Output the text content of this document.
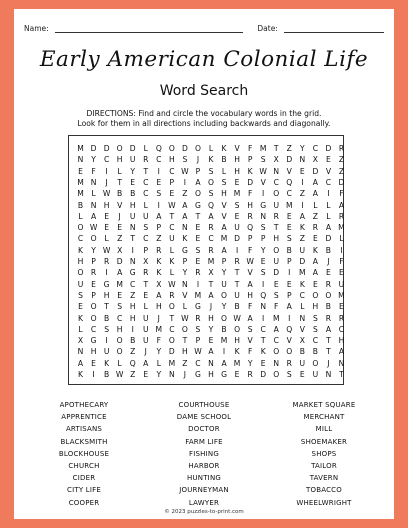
Name:	Date:
Early American Colonial Life
Word Search
DIRECTIONS: Find and circle the vocabulary words in the grid.
Look for them in all directions including backwards and diagonally.
M D D O D	L	Q O D O	L	K	V	F M T	Z	Y	C D R
N	Y	C H U	R	C H	S	J	K	B H	P	S	X D N	X	E	Z
E	F	I	L	Y	T	I	C W P	S	L	H	K W N	V	E	D V	Z
M N	J	T	E	C	E	P	I	A O	S	E	D V	C Q	I	A	C D
M	L W B	B	C	S	E	Z O	S	H M F	I	O C	Z	A	I	F
B N H V H	L	I	W A G Q V	S	H G U M	I	L	L	A
L	A	E	J	U U	A	T	A	T	A	V	E	R N R	E	A	Z	L	R
O W E	E	N	S	P	C N	E	R	A	U Q	S	T	E	K	R	A M
C O	L	Z	T	C	Z	U	K	E	C M D	P	P	H	S	Z	E	D	L
K	Y W X	I	P	R	L	G	S	R	A	I	F	Y	O B	U	K	B	I
H	P	R D N	X	K	K	P	E M P	R W E	U	P	D A	J	F
O R	I	A G R	K	L	Y	R	X	Y	T	V	S	D	I	M A	E	E
U	E	G M C	T	X W N	I	T	U	T	A	I	E	E	K	E	R	U
S	P	H	E	Z	E	A	R	V M A O U H Q	S	P	C O O M
E	O	T	S	H	L	H O	L	G	J	Y	B	F	N	F	A	L	H B	E
K O B	C H U	J	T W R H O W A	I	M	I	N	S	R	R
L	C	S	H	I	U M C O	S	Y	B O	S	C	A Q V	S	A	C
X G	I	O B	U	F	O	T	P	E M H V	T	C	V	X	C	T	H
N H U O Z	J	Y	D H W A	I	K	F	K O O B	B	T	A
A	E	K	L	Q A	L	M Z	C N	A M Y	E	N R	U O	J	N
K	I	B W Z	E	Y	N	J	G H G	E	R D O	S	E	U N	T
APOTHECARY
APPRENTICE
ARTISANS
BLACKSMITH
BLOCKHOUSE
CHURCH
CIDER
CITY LIFE
COOPER
COURTHOUSE
DAME SCHOOL
DOCTOR
FARM LIFE
FISHING
HARBOR
HUNTING
JOURNEYMAN
LAWYER
MARKET SQUARE
MERCHANT
MILL
SHOEMAKER
SHOPS
TAILOR
TAVERN
TOBACCO
WHEELWRIGHT
© 2023 puzzles-to-print.com
